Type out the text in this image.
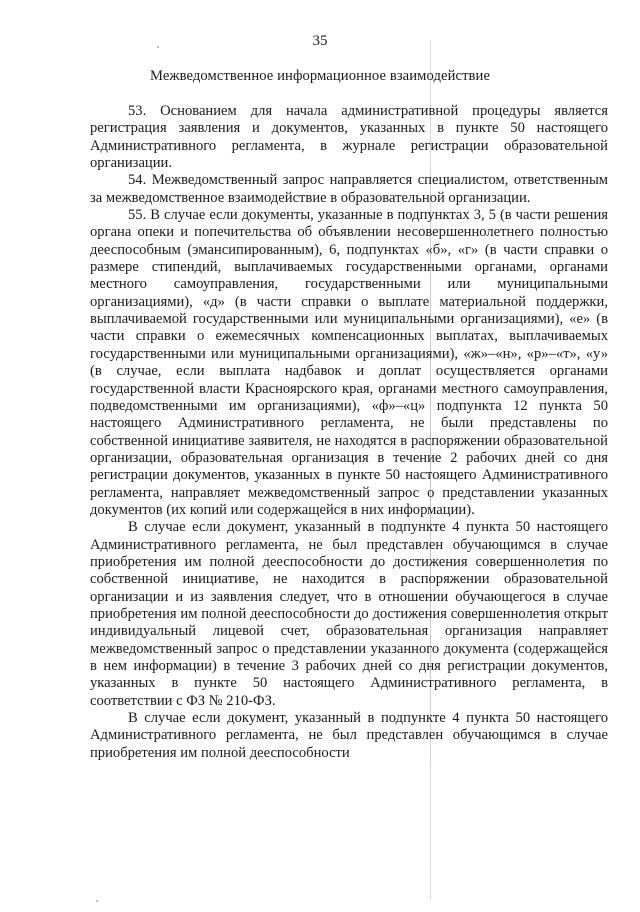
35
Межведомственное информационное взаимодействие

53. Основанием для начала административной процедуры является регистрация заявления и документов, указанных в пункте 50 настоящего Административного регламента, в журнале регистрации образовательной организации.

54. Межведомственный запрос направляется специалистом, ответственным за межведомственное взаимодействие в образовательной организации.

55. В случае если документы, указанные в подпунктах 3, 5 (в части решения органа опеки и попечительства об объявлении несовершеннолетнего полностью дееспособным (эмансипированным), 6, подпунктах «б», «г» (в части справки о размере стипендий, выплачиваемых государственными органами, органами местного самоуправления, государственными или муниципальными организациями), «д» (в части справки о выплате материальной поддержки, выплачиваемой государственными или муниципальными организациями), «е» (в части справки о ежемесячных компенсационных выплатах, выплачиваемых государственными или муниципальными организациями), «ж»–«н», «р»–«т», «у» (в случае, если выплата надбавок и доплат осуществляется органами государственной власти Красноярского края, органами местного самоуправления, подведомственными им организациями), «ф»–«ц» подпункта 12 пункта 50 настоящего Административного регламента, не были представлены по собственной инициативе заявителя, не находятся в распоряжении образовательной организации, образовательная организация в течение 2 рабочих дней со дня регистрации документов, указанных в пункте 50 настоящего Административного регламента, направляет межведомственный запрос о представлении указанных документов (их копий или содержащейся в них информации).

В случае если документ, указанный в подпункте 4 пункта 50 настоящего Административного регламента, не был представлен обучающимся в случае приобретения им полной дееспособности до достижения совершеннолетия по собственной инициативе, не находится в распоряжении образовательной организации и из заявления следует, что в отношении обучающегося в случае приобретения им полной дееспособности до достижения совершеннолетия открыт индивидуальный лицевой счет, образовательная организация направляет межведомственный запрос о представлении указанного документа (содержащейся в нем информации) в течение 3 рабочих дней со дня регистрации документов, указанных в пункте 50 настоящего Административного регламента, в соответствии с ФЗ № 210-ФЗ.

В случае если документ, указанный в подпункте 4 пункта 50 настоящего Административного регламента, не был представлен обучающимся в случае приобретения им полной дееспособности
